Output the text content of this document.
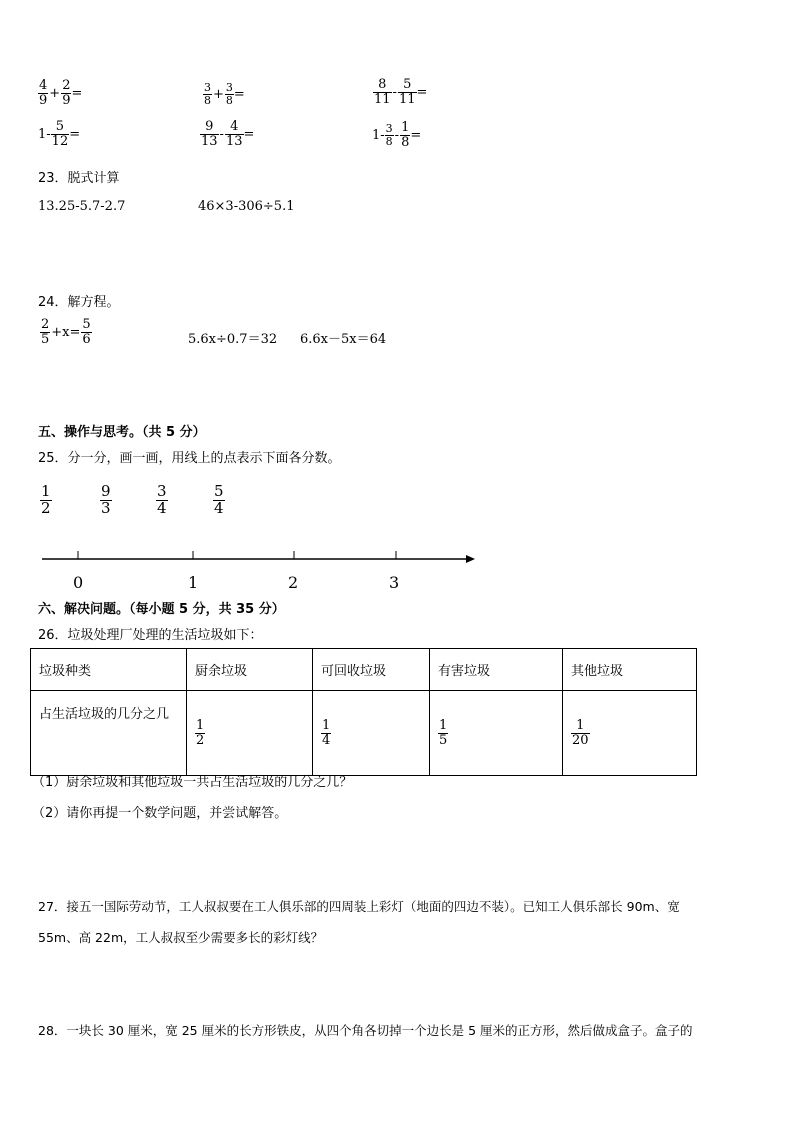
$\frac{4}{9} + \frac{2}{9}$ =	$\frac{3}{8} + \frac{3}{8}$ =	$\frac{8}{11} - \frac{5}{11}$ =
$1- \frac{5}{12}$ =	$\frac{9}{13} - \frac{4}{13}$ =	$1- \frac{3}{8} - \frac{1}{8}$ =
23．脱式计算
13.25-5.7-2.7	46×3-306÷5.1
24．解方程。
$\frac{2}{5} +x= \frac{5}{6}$	5.6x÷0.7＝32 6.6x－5x＝64
五、操作与思考。（共 5 分）
25．分一分，画一画，用线上的点表示下面各分数。
$\frac{1}{2}$	$\frac{9}{3}$	$\frac{3}{4}$	$\frac{5}{4}$
0	1	2	3
六、解决问题。（每小题 5 分，共 35 分）
26．垃圾处理厂处理的生活垃圾如下：
垃圾种类	厨余垃圾	可回收垃圾	有害垃圾	其他垃圾
占生活垃圾的几分之几	$\frac{1}{2}$	$\frac{1}{4}$	$\frac{1}{5}$	$\frac{1}{20}$
（1）厨余垃圾和其他垃圾一共占生活垃圾的几分之几？
（2）请你再提一个数学问题，并尝试解答。
27．接五一国际劳动节，工人叔叔要在工人俱乐部的四周装上彩灯（地面的四边不装）。已知工人俱乐部长 90m、宽
55m、高 22m，工人叔叔至少需要多长的彩灯线？
28．一块长 30 厘米，宽 25 厘米的长方形铁皮，从四个角各切掉一个边长是 5 厘米的正方形，然后做成盒子。盒子的
